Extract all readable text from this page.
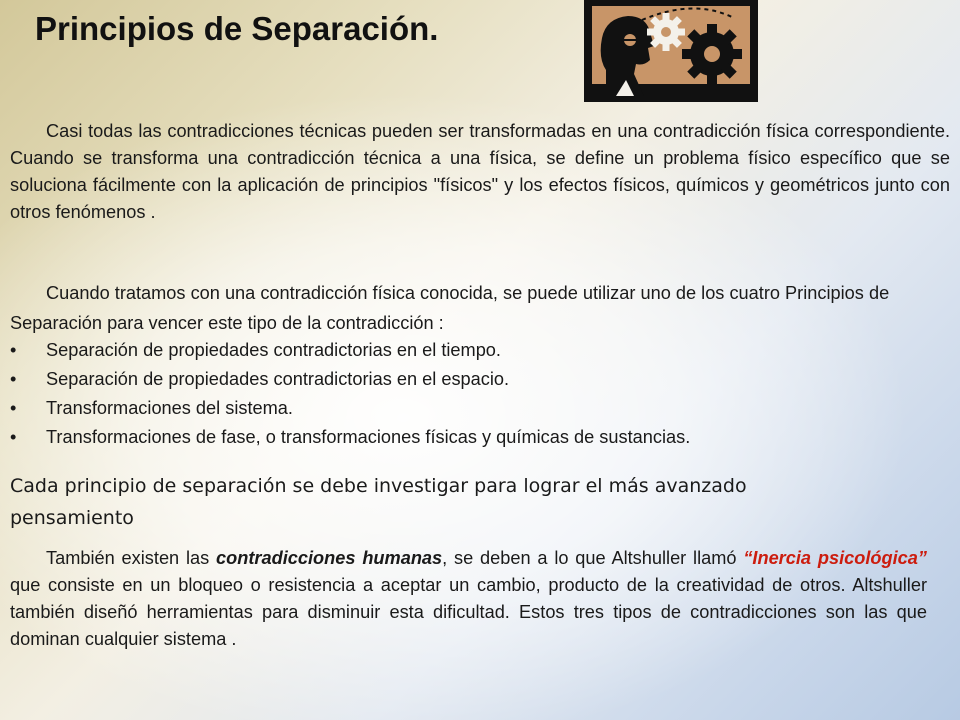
Principios de Separación.

Casi todas las contradicciones técnicas pueden ser transformadas en una contradicción física correspondiente. Cuando se transforma una contradicción técnica a una física, se define un problema físico específico que se soluciona fácilmente con la aplicación de principios "físicos" y los efectos físicos, químicos y geométricos junto con otros fenómenos .

Cuando tratamos con una contradicción física conocida, se puede utilizar uno de los cuatro Principios de Separación para vencer este tipo de la contradicción :

• Separación de propiedades contradictorias en el tiempo.
• Separación de propiedades contradictorias en el espacio.
• Transformaciones del sistema.
• Transformaciones de fase, o transformaciones físicas y químicas de sustancias.

Cada principio de separación se debe investigar para lograr el más avanzado pensamiento

También existen las contradicciones humanas, se deben a lo que Altshuller llamó “Inercia psicológica” que consiste en un bloqueo o resistencia a aceptar un cambio, producto de la creatividad de otros. Altshuller también diseñó herramientas para disminuir esta dificultad. Estos tres tipos de contradicciones son las que dominan cualquier sistema .
